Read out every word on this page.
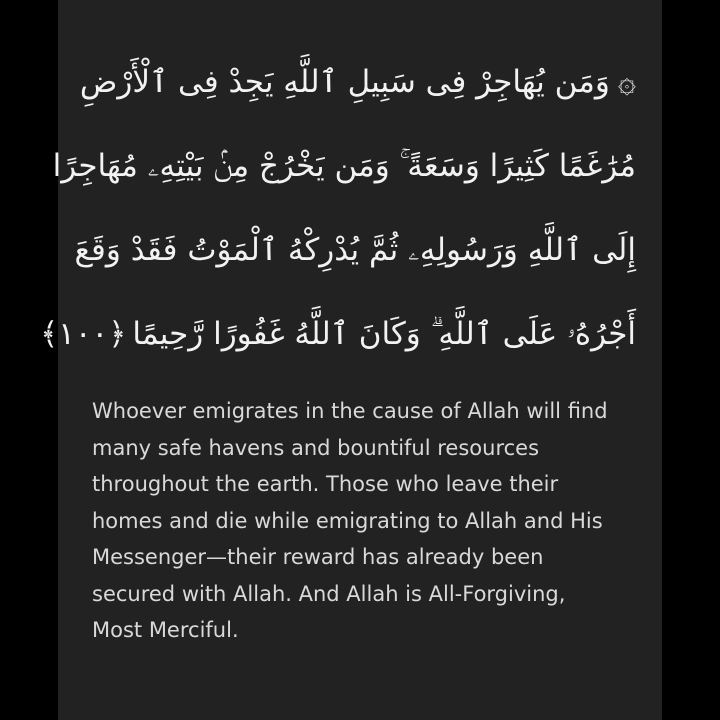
۞وَمَن يُهَاجِرْ فِى سَبِيلِ ٱللَّهِ يَجِدْ فِى ٱلْأَرْضِ
مُرَٰغَمًا كَثِيرًا وَسَعَةً ۚ وَمَن يَخْرُجْ مِنۢ بَيْتِهِۦ مُهَاجِرًا
إِلَى ٱللَّهِ وَرَسُولِهِۦ ثُمَّ يُدْرِكْهُ ٱلْمَوْتُ فَقَدْ وَقَعَ
أَجْرُهُۥ عَلَى ٱللَّهِ ۗ وَكَانَ ٱللَّهُ غَفُورًا رَّحِيمًا﴿١٠٠﴾
Whoever emigrates in the cause of Allah will find
many safe havens and bountiful resources
throughout the earth. Those who leave their
homes and die while emigrating to Allah and His
Messenger—their reward has already been
secured with Allah. And Allah is All-Forgiving,
Most Merciful.
